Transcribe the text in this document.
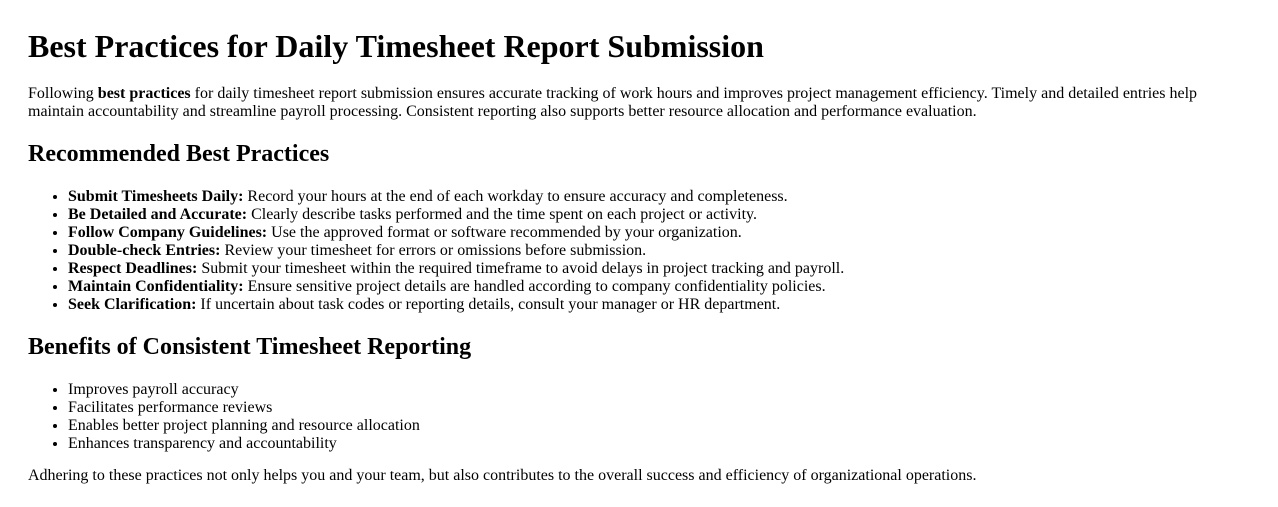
Best Practices for Daily Timesheet Report Submission

Following best practices for daily timesheet report submission ensures accurate tracking of work hours and improves project management efficiency. Timely and detailed entries help maintain accountability and streamline payroll processing. Consistent reporting also supports better resource allocation and performance evaluation.

Recommended Best Practices
• Submit Timesheets Daily: Record your hours at the end of each workday to ensure accuracy and completeness.
• Be Detailed and Accurate: Clearly describe tasks performed and the time spent on each project or activity.
• Follow Company Guidelines: Use the approved format or software recommended by your organization.
• Double-check Entries: Review your timesheet for errors or omissions before submission.
• Respect Deadlines: Submit your timesheet within the required timeframe to avoid delays in project tracking and payroll.
• Maintain Confidentiality: Ensure sensitive project details are handled according to company confidentiality policies.
• Seek Clarification: If uncertain about task codes or reporting details, consult your manager or HR department.
Benefits of Consistent Timesheet Reporting
• Improves payroll accuracy
• Facilitates performance reviews
• Enables better project planning and resource allocation
• Enhances transparency and accountability

Adhering to these practices not only helps you and your team, but also contributes to the overall success and efficiency of organizational operations.
